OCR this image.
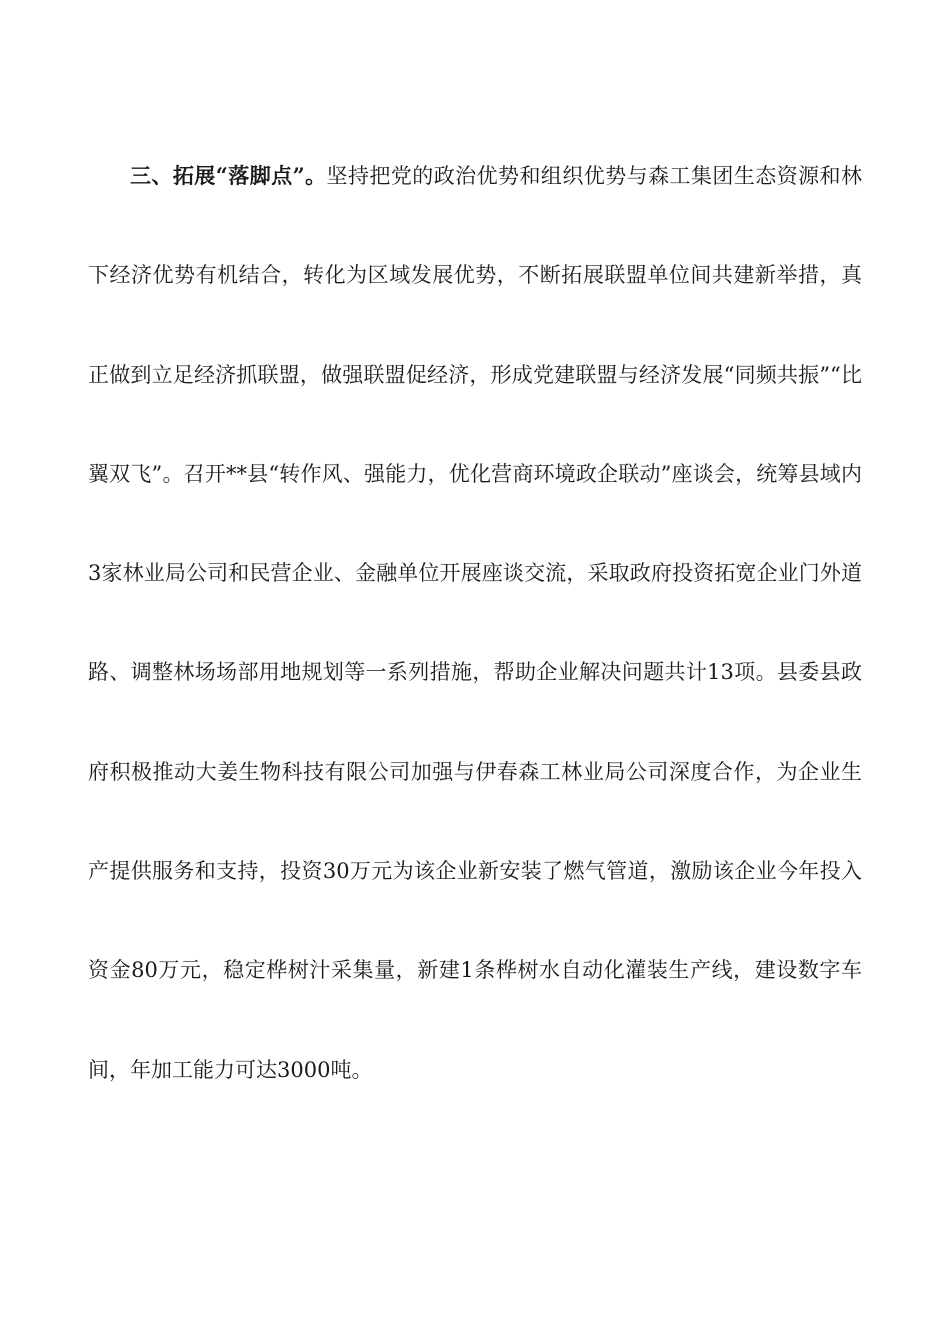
三、拓展“落脚点”。坚持把党的政治优势和组织优势与森工集团生态资源和林下经济优势有机结合，转化为区域发展优势，不断拓展联盟单位间共建新举措，真正做到立足经济抓联盟，做强联盟促经济，形成党建联盟与经济发展“同频共振”“比翼双飞”。召开**县“转作风、强能力，优化营商环境政企联动”座谈会，统筹县域内3家林业局公司和民营企业、金融单位开展座谈交流，采取政府投资拓宽企业门外道路、调整林场场部用地规划等一系列措施，帮助企业解决问题共计13项。县委县政府积极推动大姜生物科技有限公司加强与伊春森工林业局公司深度合作，为企业生产提供服务和支持，投资30万元为该企业新安装了燃气管道，激励该企业今年投入资金80万元，稳定桦树汁采集量，新建1条桦树水自动化灌装生产线，建设数字车间，年加工能力可达3000吨。
